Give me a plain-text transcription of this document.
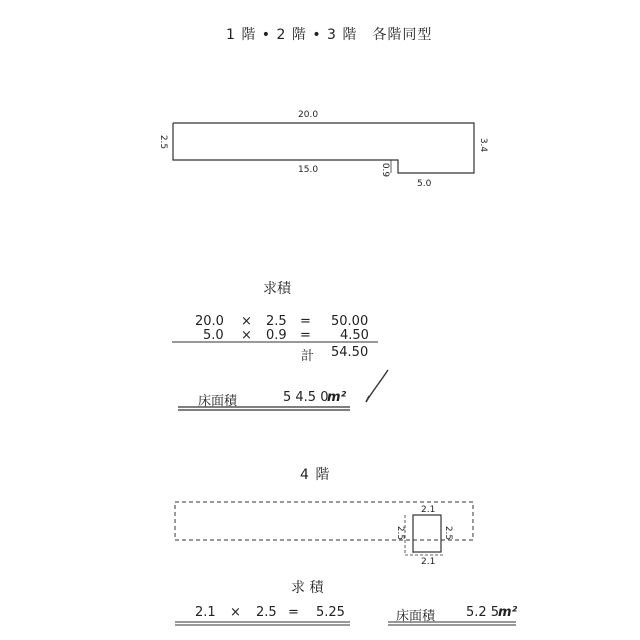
1 階 • 2 階 • 3 階　各階同型
20.0
2.5	3.4
15.0	0.9
5.0
求積
20.0 × 2.5 = 50.00
5.0 × 0.9 = 4.50
計 54.50
床面積	5 4.5 0
m²
4 階
2.1
2.5	2.5
2.1
求 積
2.1 × 2.5 = 5.25	床面積 5.2 5
m²
